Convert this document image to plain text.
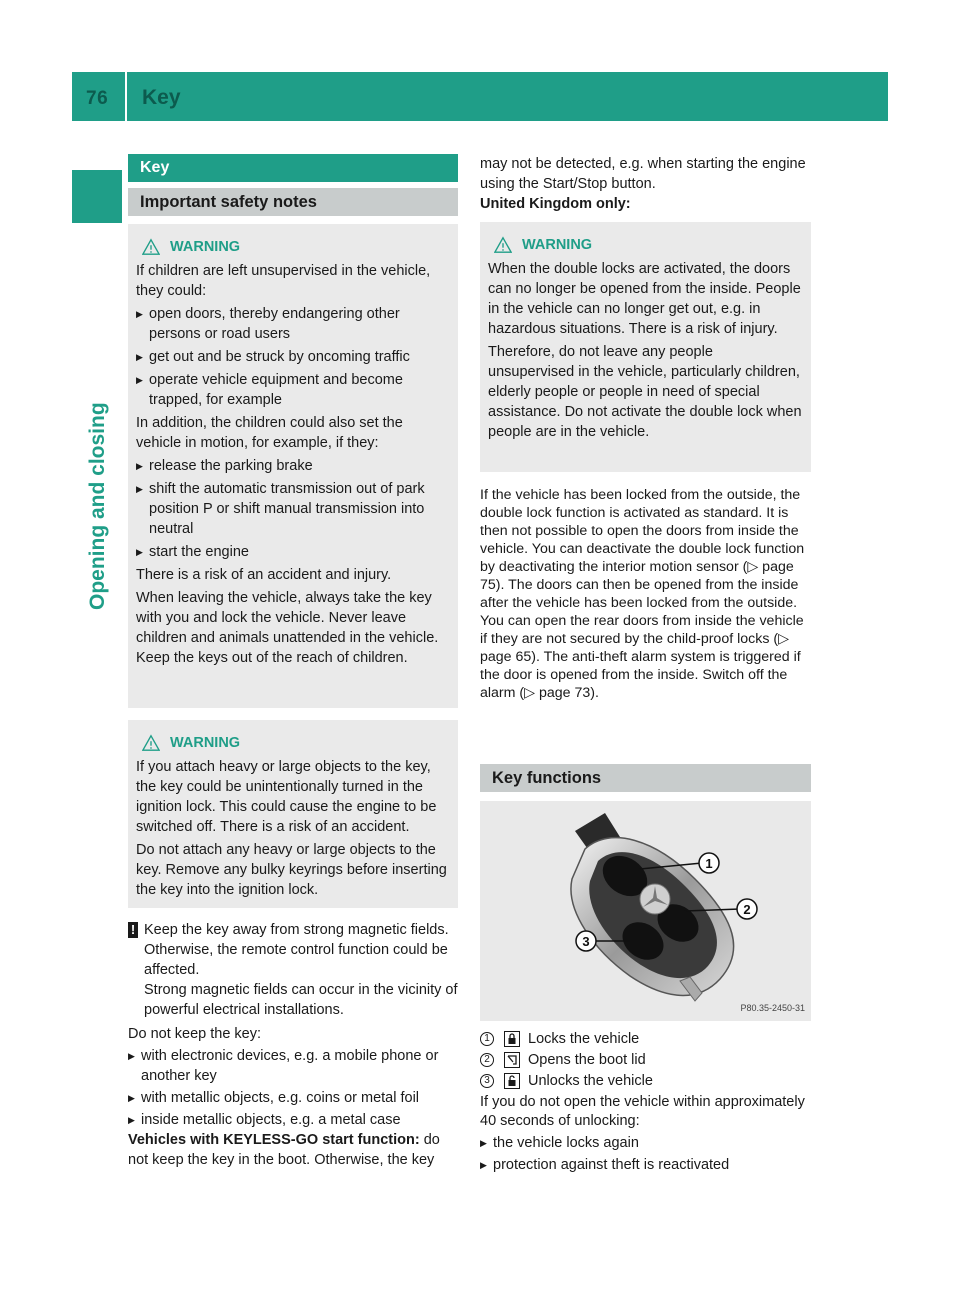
76 Key
Opening and closing
Key
Important safety notes
WARNING

If children are left unsupervised in the vehicle, they could:

▶ open doors, thereby endangering other persons or road users
▶ get out and be struck by oncoming traffic
▶ operate vehicle equipment and become trapped, for example

In addition, the children could also set the vehicle in motion, for example, if they:

▶ release the parking brake
▶ shift the automatic transmission out of park position P or shift manual transmission into neutral
▶ start the engine

There is a risk of an accident and injury.

When leaving the vehicle, always take the key with you and lock the vehicle. Never leave children and animals unattended in the vehicle. Keep the keys out of the reach of children.

WARNING

If you attach heavy or large objects to the key, the key could be unintentionally turned in the ignition lock. This could cause the engine to be switched off. There is a risk of an accident.

Do not attach any heavy or large objects to the key. Remove any bulky keyrings before inserting the key into the ignition lock.

! Keep the key away from strong magnetic fields. Otherwise, the remote control function could be affected.
Strong magnetic fields can occur in the vicinity of powerful electrical installations.
Do not keep the key:
▶ with electronic devices, e.g. a mobile phone or another key
▶ with metallic objects, e.g. coins or metal foil
▶ inside metallic objects, e.g. a metal case
Vehicles with KEYLESS-GO start function: do not keep the key in the boot. Otherwise, the key
may not be detected, e.g. when starting the engine using the Start/Stop button.
United Kingdom only:
WARNING

When the double locks are activated, the doors can no longer be opened from the inside. People in the vehicle can no longer get out, e.g. in hazardous situations. There is a risk of injury.

Therefore, do not leave any people unsupervised in the vehicle, particularly children, elderly people or people in need of special assistance. Do not activate the double lock when people are in the vehicle.

If the vehicle has been locked from the outside, the double lock function is activated as standard. It is then not possible to open the doors from inside the vehicle. You can deactivate the double lock function by deactivating the interior motion sensor (▷ page 75). The doors can then be opened from the inside after the vehicle has been locked from the outside. You can open the rear doors from inside the vehicle if they are not secured by the child-proof locks (▷ page 65). The anti-theft alarm system is triggered if the door is opened from the inside. Switch off the alarm (▷ page 73).
Key functions
1
2
3
P80.35-2450-31
1	Locks the vehicle
2	Opens the boot lid
3	Unlocks the vehicle
If you do not open the vehicle within approximately 40 seconds of unlocking:
▶ the vehicle locks again
▶ protection against theft is reactivated
